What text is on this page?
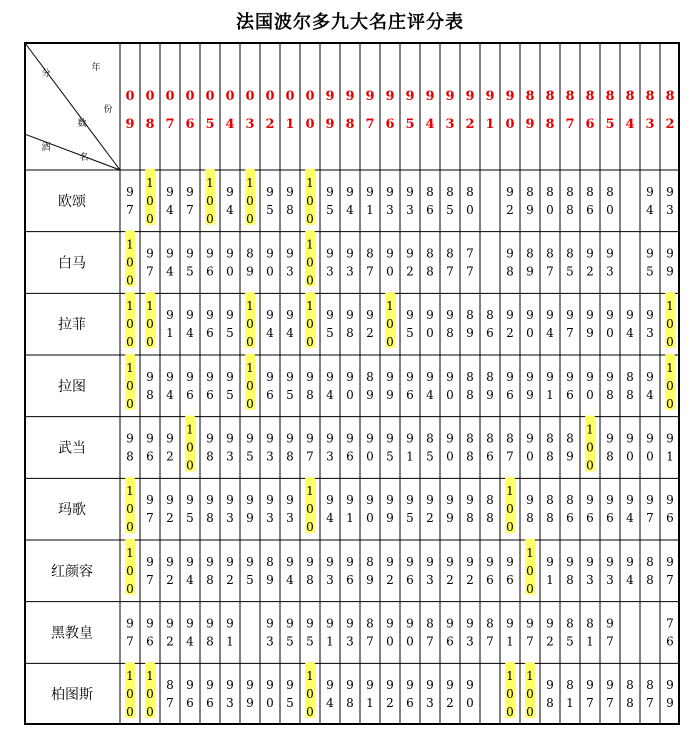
法国波尔多九大名庄评分表
年
分
份
数
酒
名
0
9
0
8
0
7
0
6
0
5
0
4
0
3
0
2
0
1
0
0
9
9
9
8
9
7
9
6
9
5
9
4
9
3
9
2
9
1
9
0
8
9
8
8
8
7
8
6
8
5
8
4
8
3
8
2
欧颂
9
7
1
0
0
9
4
9
7
1
0
0
9
4
1
0
0
9
5
9
8
1
0
0
9
5
9
4
9
1
9
3
9
3
8
6
8
5
8
0
9
2
8
9
8
0
8
8
8
6
8
0
9
4
9
3
白马
1
0
0
9
7
9
4
9
5
9
6
9
0
8
9
9
0
9
3
1
0
0
9
3
9
3
8
7
9
0
9
2
8
8
8
7
7
7
9
8
8
9
8
7
8
5
9
2
9
3
9
5
9
9
拉菲
1
0
0
1
0
0
9
1
9
4
9
6
9
5
1
0
0
9
4
9
4
1
0
0
9
5
9
8
9
2
1
0
0
9
5
9
0
9
8
8
9
8
6
9
2
9
0
9
4
9
7
9
9
9
0
9
4
9
3
1
0
0
拉图
1
0
0
9
8
9
4
9
6
9
6
9
5
1
0
0
9
6
9
5
9
8
9
4
9
0
8
9
9
9
9
6
9
4
9
0
8
8
8
9
9
6
9
9
9
1
9
6
9
0
9
8
8
8
9
4
1
0
0
武当
9
8
9
6
9
2
1
0
0
9
8
9
3
9
5
9
3
9
8
9
7
9
3
9
6
9
0
9
5
9
1
8
5
9
0
8
8
8
6
8
7
9
0
8
8
8
9
1
0
0
9
8
9
0
9
0
9
1
玛歌
1
0
0
9
7
9
2
9
5
9
8
9
3
9
9
9
3
9
3
1
0
0
9
4
9
1
9
0
9
9
9
5
9
2
9
9
9
8
8
8
1
0
0
9
8
8
8
8
6
9
6
9
6
9
4
9
7
9
6
红颜容
1
0
0
9
7
9
2
9
4
9
8
9
2
9
5
8
9
9
4
9
8
9
3
9
6
8
9
9
2
9
6
9
3
9
2
9
2
9
6
9
6
1
0
0
9
1
9
8
9
3
9
3
9
4
8
8
9
7
黑教皇
9
7
9
6
9
2
9
4
9
8
9
1
9
3
9
5
9
5
9
1
9
3
8
7
9
0
9
0
8
7
9
6
9
3
8
7
9
1
9
7
9
2
8
5
8
1
9
7
7
6
柏图斯
1
0
0
1
0
0
8
7
9
6
9
6
9
3
9
9
9
0
9
5
1
0
0
9
4
9
8
9
1
9
2
9
6
9
3
9
2
9
0
1
0
0
1
0
0
9
8
8
1
9
7
9
7
8
8
8
7
9
9
